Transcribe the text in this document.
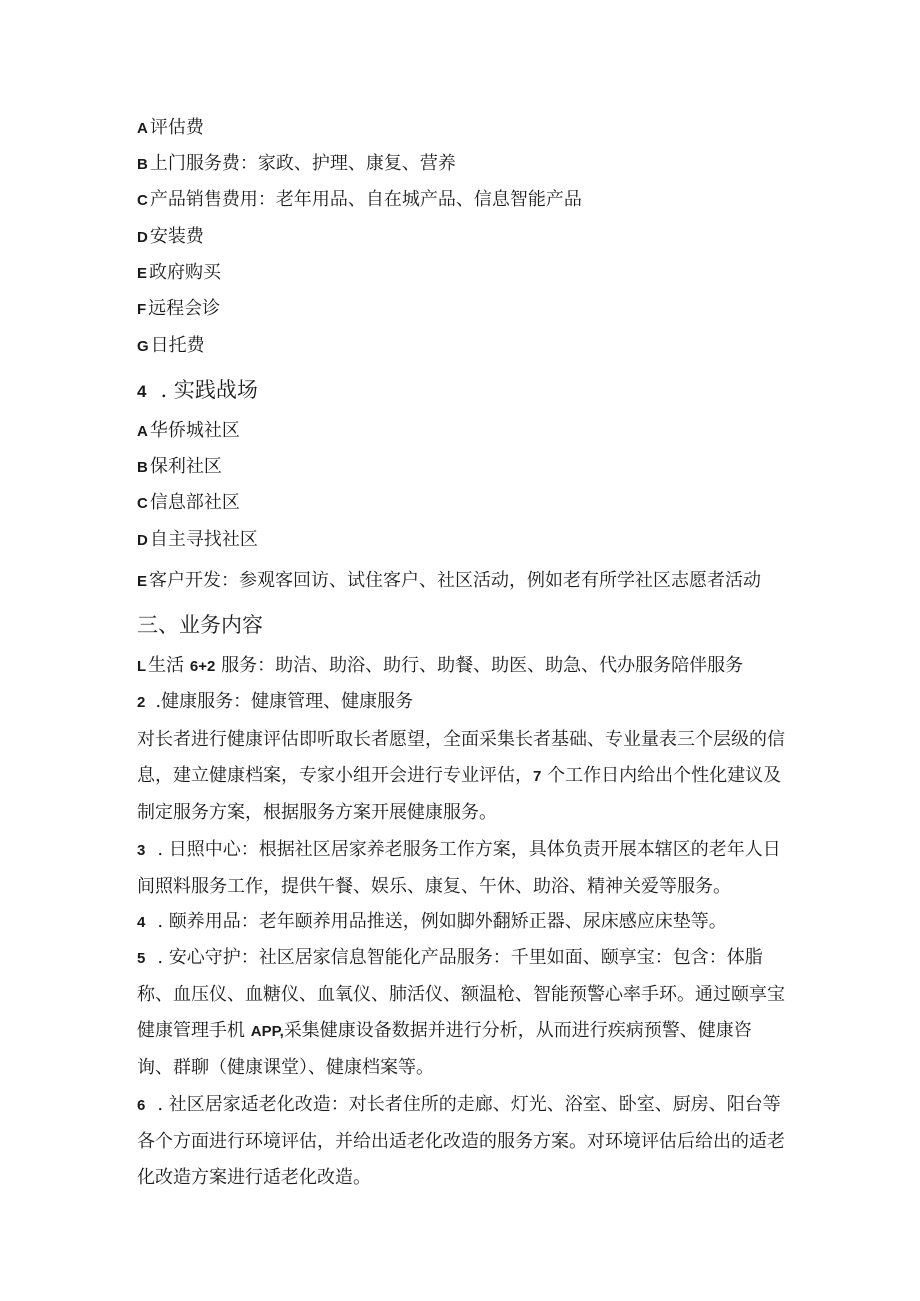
A 评估费
B 上门服务费：家政、护理、康复、营养
C 产品销售费用：老年用品、自在城产品、信息智能产品
D 安装费
E 政府购买
F 远程会诊
G 日托费
4 . 实践战场
A 华侨城社区
B 保利社区
C 信息部社区
D 自主寻找社区
E 客户开发：参观客回访、试住客户、社区活动，例如老有所学社区志愿者活动
三、业务内容
L 生活 6+2 服务：助洁、助浴、助行、助餐、助医、助急、代办服务陪伴服务
2 .健康服务：健康管理、健康服务
对长者进行健康评估即听取长者愿望，全面采集长者基础、专业量表三个层级的信息，建立健康档案，专家小组开会进行专业评估，7 个工作日内给出个性化建议及制定服务方案，根据服务方案开展健康服务。
3 . 日照中心：根据社区居家养老服务工作方案，具体负责开展本辖区的老年人日间照料服务工作，提供午餐、娱乐、康复、午休、助浴、精神关爱等服务。
4 . 颐养用品：老年颐养用品推送，例如脚外翻矫正器、尿床感应床垫等。
5 . 安心守护：社区居家信息智能化产品服务：千里如面、颐享宝：包含：体脂称、血压仪、血糖仪、血氧仪、肺活仪、额温枪、智能预警心率手环。通过颐享宝健康管理手机 APP,采集健康设备数据并进行分析，从而进行疾病预警、健康咨询、群聊（健康课堂）、健康档案等。
6 . 社区居家适老化改造：对长者住所的走廊、灯光、浴室、卧室、厨房、阳台等各个方面进行环境评估，并给出适老化改造的服务方案。对环境评估后给出的适老化改造方案进行适老化改造。
